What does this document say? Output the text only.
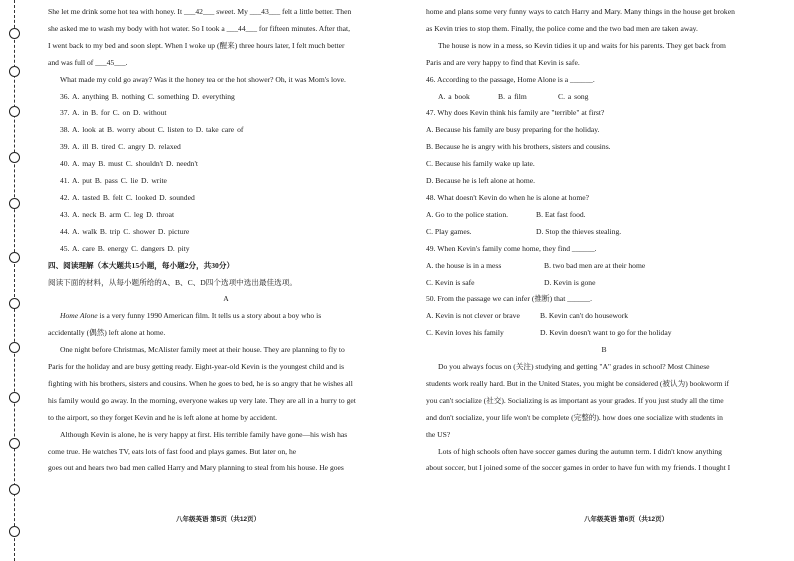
She let me drink some hot tea with honey. It ___42___ sweet. My ___43___ felt a little better. Then

she asked me to wash my body with hot water. So I took a ___44___ for fifteen minutes. After that,

I went back to my bed and soon slept. When I woke up (醒来) three hours later, I felt much better

and was full of ___45___.

What made my cold go away? Was it the honey tea or the hot shower? Oh, it was Mom's love.

36. A. anything B. nothing C. something D. everything

37. A. in B. for C. on D. without

38. A. look at B. worry about C. listen to D. take care of

39. A. ill B. tired C. angry D. relaxed

40. A. may B. must C. shouldn't D. needn't

41. A. put B. pass C. lie D. write

42. A. tasted B. felt C. looked D. sounded

43. A. neck B. arm C. leg D. throat

44. A. walk B. trip C. shower D. picture

45. A. care B. energy C. dangers D. pity

四、阅读理解（本大题共15小题，每小题2分，共30分）

阅读下面的材料，从每小题所给的A、B、C、D四个选项中选出最佳选项。

A

Home Alone is a very funny 1990 American film. It tells us a story about a boy who is

accidentally (偶然) left alone at home.

One night before Christmas, McAlister family meet at their house. They are planning to fly to

Paris for the holiday and are busy getting ready. Eight-year-old Kevin is the youngest child and is

fighting with his brothers, sisters and cousins. When he goes to bed, he is so angry that he wishes all

his family would go away. In the morning, everyone wakes up very late. They are all in a hurry to get

to the airport, so they forget Kevin and he is left alone at home by accident.

Although Kevin is alone, he is very happy at first. His terrible family have gone—his wish has

come true. He watches TV, eats lots of fast food and plays games. But later on, he

goes out and hears two bad men called Harry and Mary planning to steal from his house. He goes

八年级英语 第5页（共12页）

home and plans some very funny ways to catch Harry and Mary. Many things in the house get broken

as Kevin tries to stop them. Finally, the police come and the two bad men are taken away.

The house is now in a mess, so Kevin tidies it up and waits for his parents. They get back from

Paris and are very happy to find that Kevin is safe.

46. According to the passage, Home Alone is a ______.

A. a book	B. a film	C. a song

47. Why does Kevin think his family are "terrible" at first?

A. Because his family are busy preparing for the holiday.

B. Because he is angry with his brothers, sisters and cousins.

C. Because his family wake up late.

D. Because he is left alone at home.

48. What doesn't Kevin do when he is alone at home?

A. Go to the police station.	B. Eat fast food.

C. Play games.	D. Stop the thieves stealing.

49. When Kevin's family come home, they find ______.

A. the house is in a mess	B. two bad men are at their home

C. Kevin is safe	D. Kevin is gone

50. From the passage we can infer (推断) that ______.

A. Kevin is not clever or brave	B. Kevin can't do housework

C. Kevin loves his family	D. Kevin doesn't want to go for the holiday

B

Do you always focus on (关注) studying and getting "A" grades in school? Most Chinese

students work really hard. But in the United States, you might be considered (被认为) bookworm if

you can't socialize (社交). Socializing is as important as your grades. If you just study all the time

and don't socialize, your life won't be complete (完整的). how does one socialize with students in

the US?

Lots of high schools often have soccer games during the autumn term. I didn't know anything

about soccer, but I joined some of the soccer games in order to have fun with my friends. I thought I

八年级英语 第6页（共12页）
